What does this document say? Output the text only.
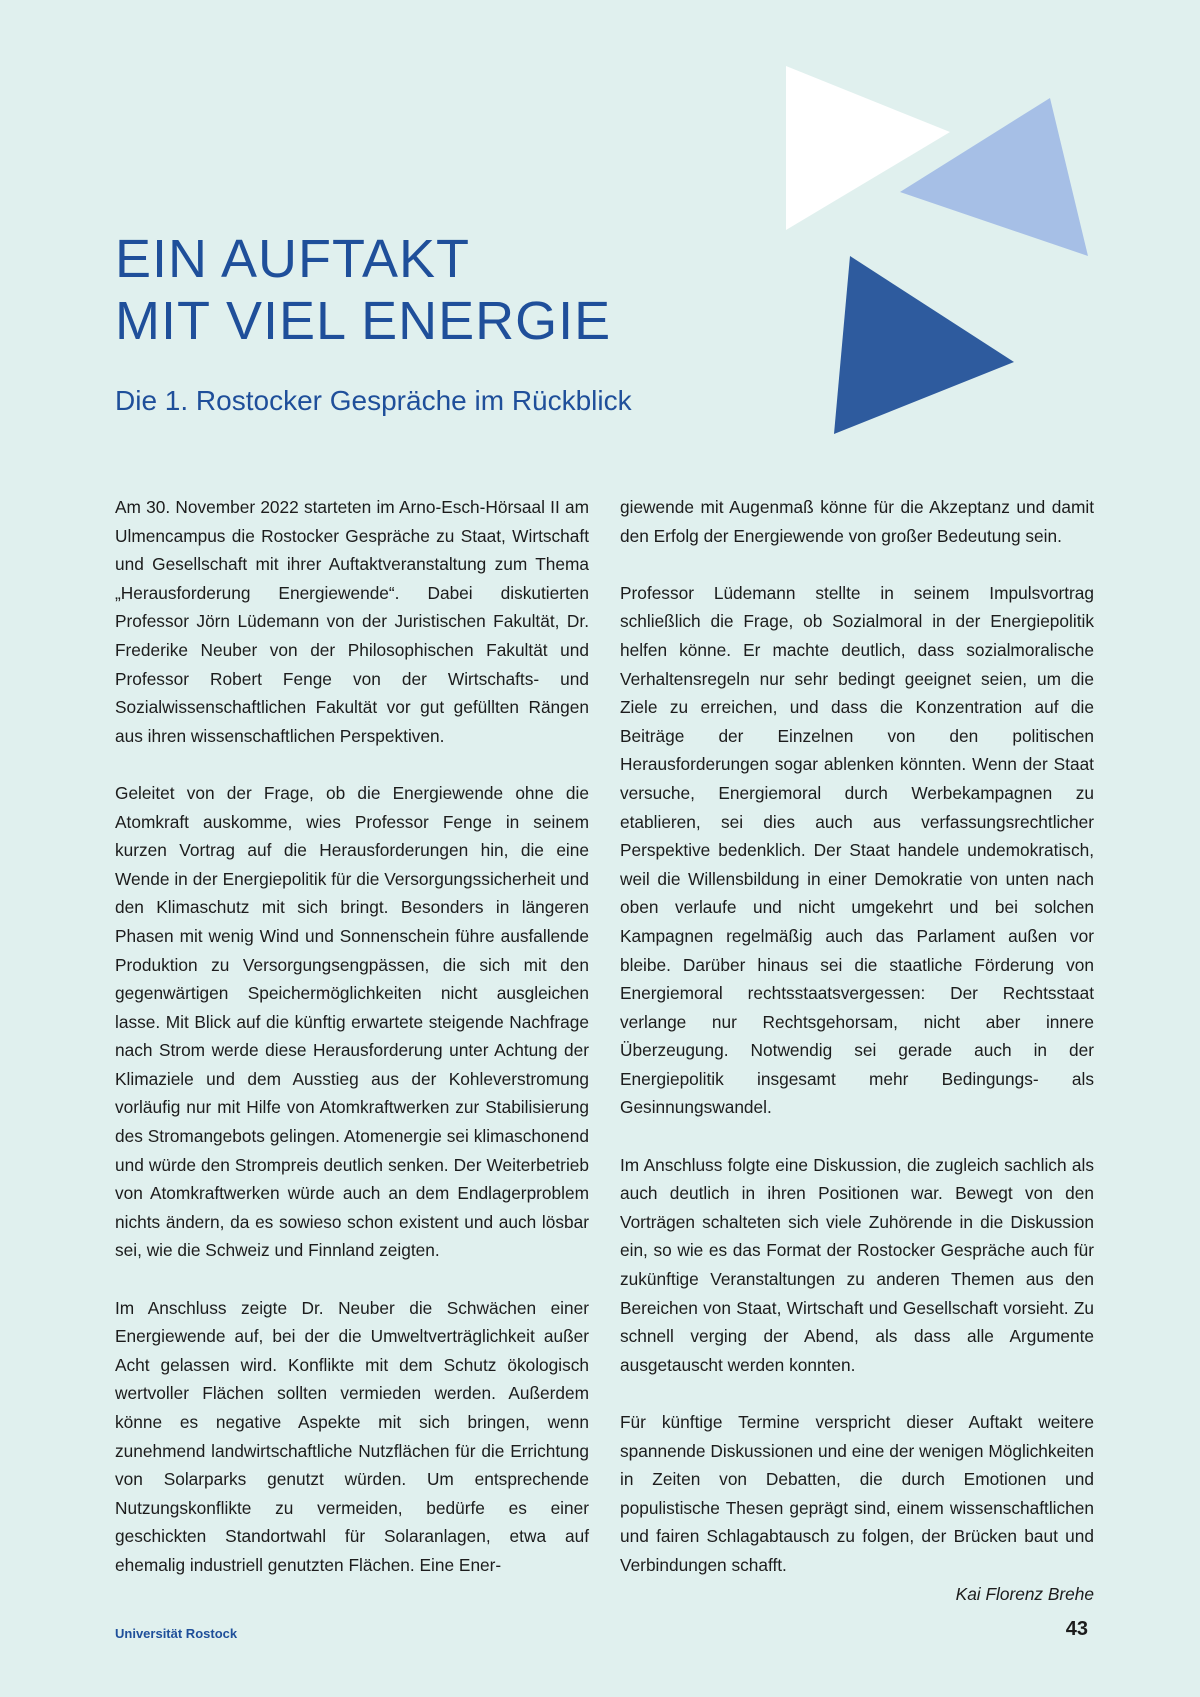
EIN AUFTAKT
MIT VIEL ENERGIE
Die 1. Rostocker Gespräche im Rückblick

Am 30. November 2022 starteten im Arno-Esch-Hörsaal II am Ulmencampus die Rostocker Gespräche zu Staat, Wirtschaft und Gesellschaft mit ihrer Auftaktveranstaltung zum Thema „Herausforderung Energiewende“. Dabei diskutierten Professor Jörn Lüdemann von der Juristischen Fakultät, Dr. Frederike Neuber von der Philosophischen Fakultät und Professor Robert Fenge von der Wirtschafts- und Sozialwissenschaftlichen Fakultät vor gut gefüllten Rängen aus ihren wissenschaftlichen Perspektiven.

Geleitet von der Frage, ob die Energiewende ohne die Atomkraft auskomme, wies Professor Fenge in seinem kurzen Vortrag auf die Herausforderungen hin, die eine Wende in der Energiepolitik für die Versorgungssicherheit und den Klimaschutz mit sich bringt. Besonders in längeren Phasen mit wenig Wind und Sonnenschein führe ausfallende Produktion zu Versorgungsengpässen, die sich mit den gegenwärtigen Speichermöglichkeiten nicht ausgleichen lasse. Mit Blick auf die künftig erwartete steigende Nachfrage nach Strom werde diese Herausforderung unter Achtung der Klimaziele und dem Ausstieg aus der Kohleverstromung vorläufig nur mit Hilfe von Atomkraftwerken zur Stabilisierung des Stromangebots gelingen. Atomenergie sei klimaschonend und würde den Strompreis deutlich senken. Der Weiterbetrieb von Atomkraftwerken würde auch an dem Endlagerproblem nichts ändern, da es sowieso schon existent und auch lösbar sei, wie die Schweiz und Finnland zeigten.

Im Anschluss zeigte Dr. Neuber die Schwächen einer Energiewende auf, bei der die Umweltverträglichkeit außer Acht gelassen wird. Konflikte mit dem Schutz ökologisch wertvoller Flächen sollten vermieden werden. Außerdem könne es negative Aspekte mit sich bringen, wenn zunehmend landwirtschaftliche Nutzflächen für die Errichtung von Solarparks genutzt würden. Um entsprechende Nutzungskonflikte zu vermeiden, bedürfe es einer geschickten Standortwahl für Solaranlagen, etwa auf ehemalig industriell genutzten Flächen. Eine Ener-

giewende mit Augenmaß könne für die Akzeptanz und damit den Erfolg der Energiewende von großer Bedeutung sein.

Professor Lüdemann stellte in seinem Impulsvortrag schließlich die Frage, ob Sozialmoral in der Energiepolitik helfen könne. Er machte deutlich, dass sozialmoralische Verhaltensregeln nur sehr bedingt geeignet seien, um die Ziele zu erreichen, und dass die Konzentration auf die Beiträge der Einzelnen von den politischen Herausforderungen sogar ablenken könnten. Wenn der Staat versuche, Energiemoral durch Werbekampagnen zu etablieren, sei dies auch aus verfassungsrechtlicher Perspektive bedenklich. Der Staat handele undemokratisch, weil die Willensbildung in einer Demokratie von unten nach oben verlaufe und nicht umgekehrt und bei solchen Kampagnen regelmäßig auch das Parlament außen vor bleibe. Darüber hinaus sei die staatliche Förderung von Energiemoral rechtsstaatsvergessen: Der Rechtsstaat verlange nur Rechtsgehorsam, nicht aber innere Überzeugung. Notwendig sei gerade auch in der Energiepolitik insgesamt mehr Bedingungs- als Gesinnungswandel.

Im Anschluss folgte eine Diskussion, die zugleich sachlich als auch deutlich in ihren Positionen war. Bewegt von den Vorträgen schalteten sich viele Zuhörende in die Diskussion ein, so wie es das Format der Rostocker Gespräche auch für zukünftige Veranstaltungen zu anderen Themen aus den Bereichen von Staat, Wirtschaft und Gesellschaft vorsieht. Zu schnell verging der Abend, als dass alle Argumente ausgetauscht werden konnten.

Für künftige Termine verspricht dieser Auftakt weitere spannende Diskussionen und eine der wenigen Möglichkeiten in Zeiten von Debatten, die durch Emotionen und populistische Thesen geprägt sind, einem wissenschaftlichen und fairen Schlagabtausch zu folgen, der Brücken baut und Verbindungen schafft.

Kai Florenz Brehe

Universität Rostock	43
